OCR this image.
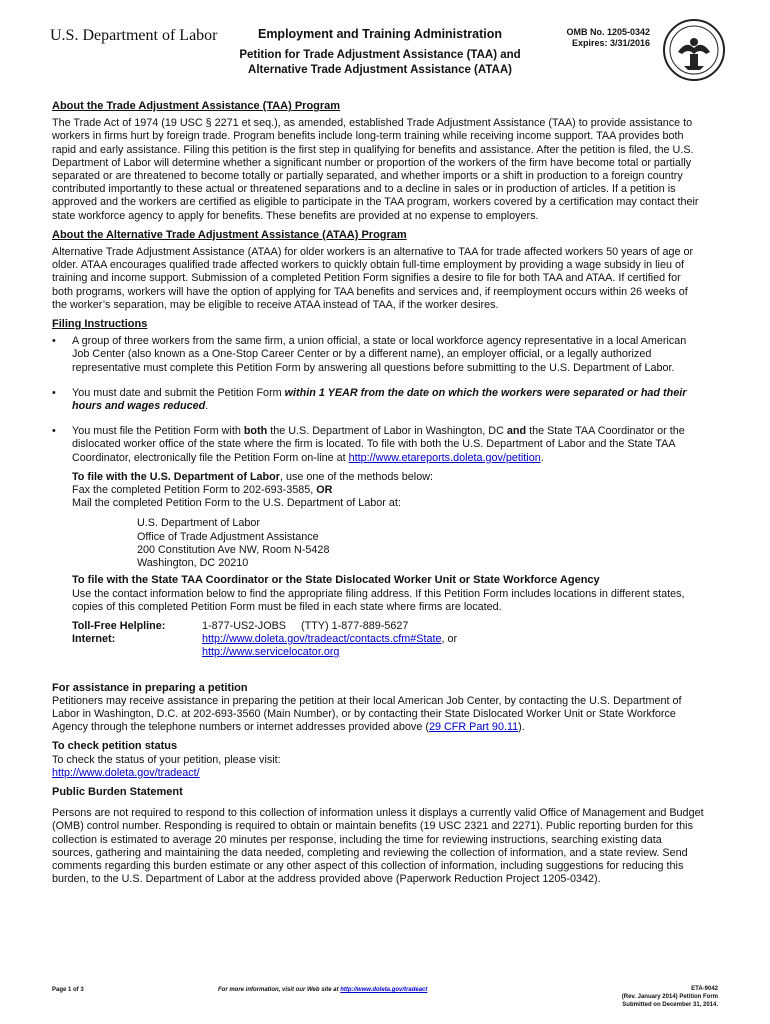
U.S. Department of Labor	Employment and Training Administration
Petition for Trade Adjustment Assistance (TAA) and
Alternative Trade Adjustment Assistance (ATAA)
OMB No. 1205-0342
Expires: 3/31/2016

About the Trade Adjustment Assistance (TAA) Program

The Trade Act of 1974 (19 USC § 2271 et seq.), as amended, established Trade Adjustment Assistance (TAA) to provide assistance to workers in firms hurt by foreign trade. Program benefits include long-term training while receiving income support. TAA provides both rapid and early assistance. Filing this petition is the first step in qualifying for benefits and assistance. After the petition is filed, the U.S. Department of Labor will determine whether a significant number or proportion of the workers of the firm have become total or partially separated or are threatened to become totally or partially separated, and whether imports or a shift in production to a foreign country contributed importantly to these actual or threatened separations and to a decline in sales or in production of articles. If a petition is approved and the workers are certified as eligible to participate in the TAA program, workers covered by a certification may contact their state workforce agency to apply for benefits. These benefits are provided at no expense to employers.

About the Alternative Trade Adjustment Assistance (ATAA) Program

Alternative Trade Adjustment Assistance (ATAA) for older workers is an alternative to TAA for trade affected workers 50 years of age or older. ATAA encourages qualified trade affected workers to quickly obtain full-time employment by providing a wage subsidy in lieu of training and income support. Submission of a completed Petition Form signifies a desire to file for both TAA and ATAA. If certified for both programs, workers will have the option of applying for TAA benefits and services and, if reemployment occurs within 26 weeks of the worker’s separation, may be eligible to receive ATAA instead of TAA, if the worker desires.

Filing Instructions

• A group of three workers from the same firm, a union official, a state or local workforce agency representative in a local American Job Center (also known as a One-Stop Career Center or by a different name), an employer official, or a legally authorized representative must complete this Petition Form by answering all questions before submitting to the U.S. Department of Labor.
• You must date and submit the Petition Form within 1 YEAR from the date on which the workers were separated or had their hours and wages reduced.
• You must file the Petition Form with both the U.S. Department of Labor in Washington, DC and the State TAA Coordinator or the dislocated worker office of the state where the firm is located. To file with both the U.S. Department of Labor and the State TAA Coordinator, electronically file the Petition Form on-line at http://www.etareports.doleta.gov/petition.

To file with the U.S. Department of Labor, use one of the methods below:

Fax the completed Petition Form to 202-693-3585, OR

Mail the completed Petition Form to the U.S. Department of Labor at:

U.S. Department of Labor

Office of Trade Adjustment Assistance

200 Constitution Ave NW, Room N-5428

Washington, DC 20210

To file with the State TAA Coordinator or the State Dislocated Worker Unit or State Workforce Agency

Use the contact information below to find the appropriate filing address. If this Petition Form includes locations in different states, copies of this completed Petition Form must be filed in each state where firms are located.

Toll-Free Helpline:	1-877-US2-JOBS     (TTY) 1-877-889-5627
Internet:	http://www.doleta.gov/tradeact/contacts.cfm#State, or
http://www.servicelocator.org

For assistance in preparing a petition

Petitioners may receive assistance in preparing the petition at their local American Job Center, by contacting the U.S. Department of Labor in Washington, D.C. at 202-693-3560 (Main Number), or by contacting their State Dislocated Worker Unit or State Workforce Agency through the telephone numbers or internet addresses provided above (29 CFR Part 90.11).

To check petition status

To check the status of your petition, please visit:

http://www.doleta.gov/tradeact/

Public Burden Statement

Persons are not required to respond to this collection of information unless it displays a currently valid Office of Management and Budget (OMB) control number. Responding is required to obtain or maintain benefits (19 USC 2321 and 2271). Public reporting burden for this collection is estimated to average 20 minutes per response, including the time for reviewing instructions, searching existing data sources, gathering and maintaining the data needed, completing and reviewing the collection of information, and a state review. Send comments regarding this burden estimate or any other aspect of this collection of information, including suggestions for reducing this burden, to the U.S. Department of Labor at the address provided above (Paperwork Reduction Project 1205-0342).

Page 1 of 3	For more information, visit our Web site at http://www.doleta.gov/tradeact	ETA-9042
(Rev. January 2014) Petition Form
Submitted on December 31, 2014.
